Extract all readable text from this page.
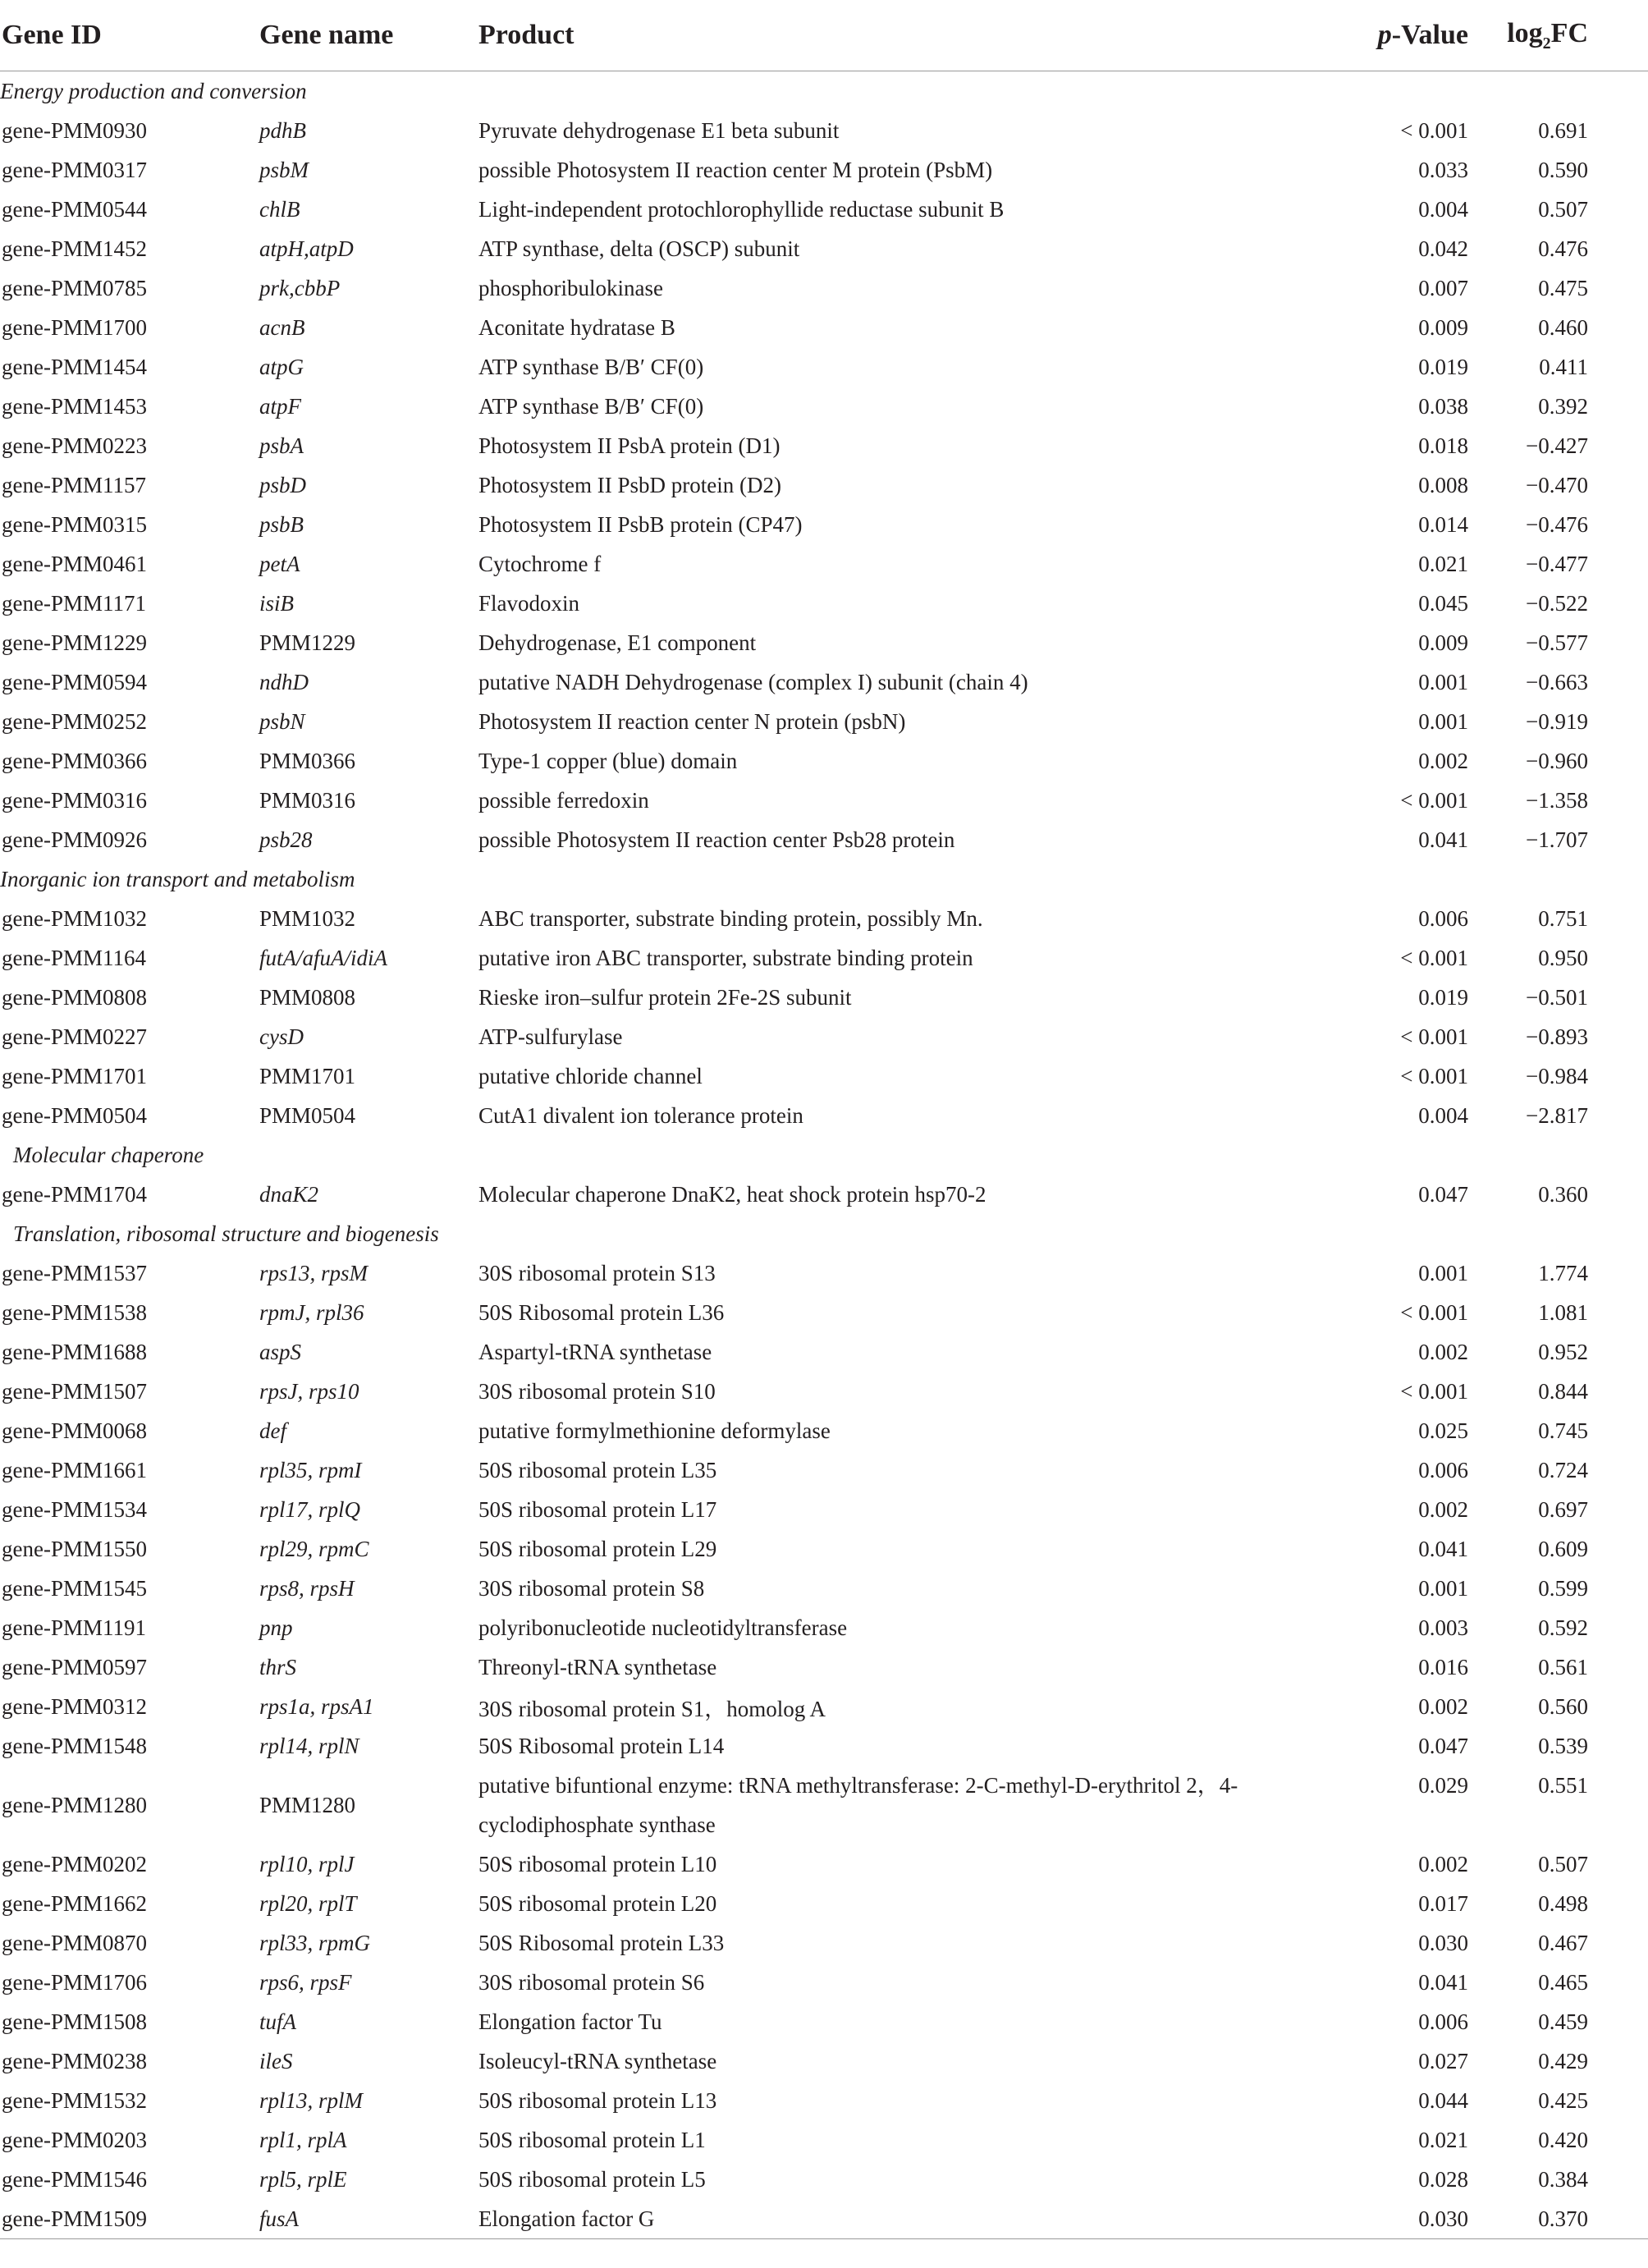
Gene ID	Gene name	Product	p-Value	$\log_2FC$	
Energy production and conversion					
gene-PMM0930	pdhB	Pyruvate dehydrogenase E1 beta subunit	< 0.001	0.691	
gene-PMM0317	psbM	possible Photosystem II reaction center M protein (PsbM)	0.033	0.590	
gene-PMM0544	chlB	Light-independent protochlorophyllide reductase subunit B	0.004	0.507	
gene-PMM1452	atpH,atpD	ATP synthase, delta (OSCP) subunit	0.042	0.476	
gene-PMM0785	prk,cbbP	phosphoribulokinase	0.007	0.475	
gene-PMM1700	acnB	Aconitate hydratase B	0.009	0.460	
gene-PMM1454	atpG	ATP synthase B/B′ CF(0)	0.019	0.411	
gene-PMM1453	atpF	ATP synthase B/B′ CF(0)	0.038	0.392	
gene-PMM0223	psbA	Photosystem II PsbA protein (D1)	0.018	−0.427	
gene-PMM1157	psbD	Photosystem II PsbD protein (D2)	0.008	−0.470	
gene-PMM0315	psbB	Photosystem II PsbB protein (CP47)	0.014	−0.476	
gene-PMM0461	petA	Cytochrome f	0.021	−0.477	
gene-PMM1171	isiB	Flavodoxin	0.045	−0.522	
gene-PMM1229	PMM1229	Dehydrogenase, E1 component	0.009	−0.577	
gene-PMM0594	ndhD	putative NADH Dehydrogenase (complex I) subunit (chain 4)	0.001	−0.663	
gene-PMM0252	psbN	Photosystem II reaction center N protein (psbN)	0.001	−0.919	
gene-PMM0366	PMM0366	Type-1 copper (blue) domain	0.002	−0.960	
gene-PMM0316	PMM0316	possible ferredoxin	< 0.001	−1.358	
gene-PMM0926	psb28	possible Photosystem II reaction center Psb28 protein	0.041	−1.707	
Inorganic ion transport and metabolism					
gene-PMM1032	PMM1032	ABC transporter, substrate binding protein, possibly Mn.	0.006	0.751	
gene-PMM1164	futA/afuA/idiA	putative iron ABC transporter, substrate binding protein	< 0.001	0.950	
gene-PMM0808	PMM0808	Rieske iron–sulfur protein 2Fe-2S subunit	0.019	−0.501	
gene-PMM0227	cysD	ATP-sulfurylase	< 0.001	−0.893	
gene-PMM1701	PMM1701	putative chloride channel	< 0.001	−0.984	
gene-PMM0504	PMM0504	CutA1 divalent ion tolerance protein	0.004	−2.817	
Molecular chaperone					
gene-PMM1704	dnaK2	Molecular chaperone DnaK2, heat shock protein hsp70-2	0.047	0.360	
Translation, ribosomal structure and biogenesis					
gene-PMM1537	rps13, rpsM	30S ribosomal protein S13	0.001	1.774	
gene-PMM1538	rpmJ, rpl36	50S Ribosomal protein L36	< 0.001	1.081	
gene-PMM1688	aspS	Aspartyl-tRNA synthetase	0.002	0.952	
gene-PMM1507	rpsJ, rps10	30S ribosomal protein S10	< 0.001	0.844	
gene-PMM0068	def	putative formylmethionine deformylase	0.025	0.745	
gene-PMM1661	rpl35, rpmI	50S ribosomal protein L35	0.006	0.724	
gene-PMM1534	rpl17, rplQ	50S ribosomal protein L17	0.002	0.697	
gene-PMM1550	rpl29, rpmC	50S ribosomal protein L29	0.041	0.609	
gene-PMM1545	rps8, rpsH	30S ribosomal protein S8	0.001	0.599	
gene-PMM1191	pnp	polyribonucleotide nucleotidyltransferase	0.003	0.592	
gene-PMM0597	thrS	Threonyl-tRNA synthetase	0.016	0.561	
gene-PMM0312	rps1a, rpsA1	30S ribosomal protein S1，homolog A	0.002	0.560	
gene-PMM1548	rpl14, rplN	50S Ribosomal protein L14	0.047	0.539	
gene-PMM1280	PMM1280	putative bifuntional enzyme: tRNA methyltransferase: 2-C-methyl-D-erythritol 2，4-cyclodiphosphate synthase	0.029	0.551	
gene-PMM0202	rpl10, rplJ	50S ribosomal protein L10	0.002	0.507	
gene-PMM1662	rpl20, rplT	50S ribosomal protein L20	0.017	0.498	
gene-PMM0870	rpl33, rpmG	50S Ribosomal protein L33	0.030	0.467	
gene-PMM1706	rps6, rpsF	30S ribosomal protein S6	0.041	0.465	
gene-PMM1508	tufA	Elongation factor Tu	0.006	0.459	
gene-PMM0238	ileS	Isoleucyl-tRNA synthetase	0.027	0.429	
gene-PMM1532	rpl13, rplM	50S ribosomal protein L13	0.044	0.425	
gene-PMM0203	rpl1, rplA	50S ribosomal protein L1	0.021	0.420	
gene-PMM1546	rpl5, rplE	50S ribosomal protein L5	0.028	0.384	
gene-PMM1509	fusA	Elongation factor G	0.030	0.370	
